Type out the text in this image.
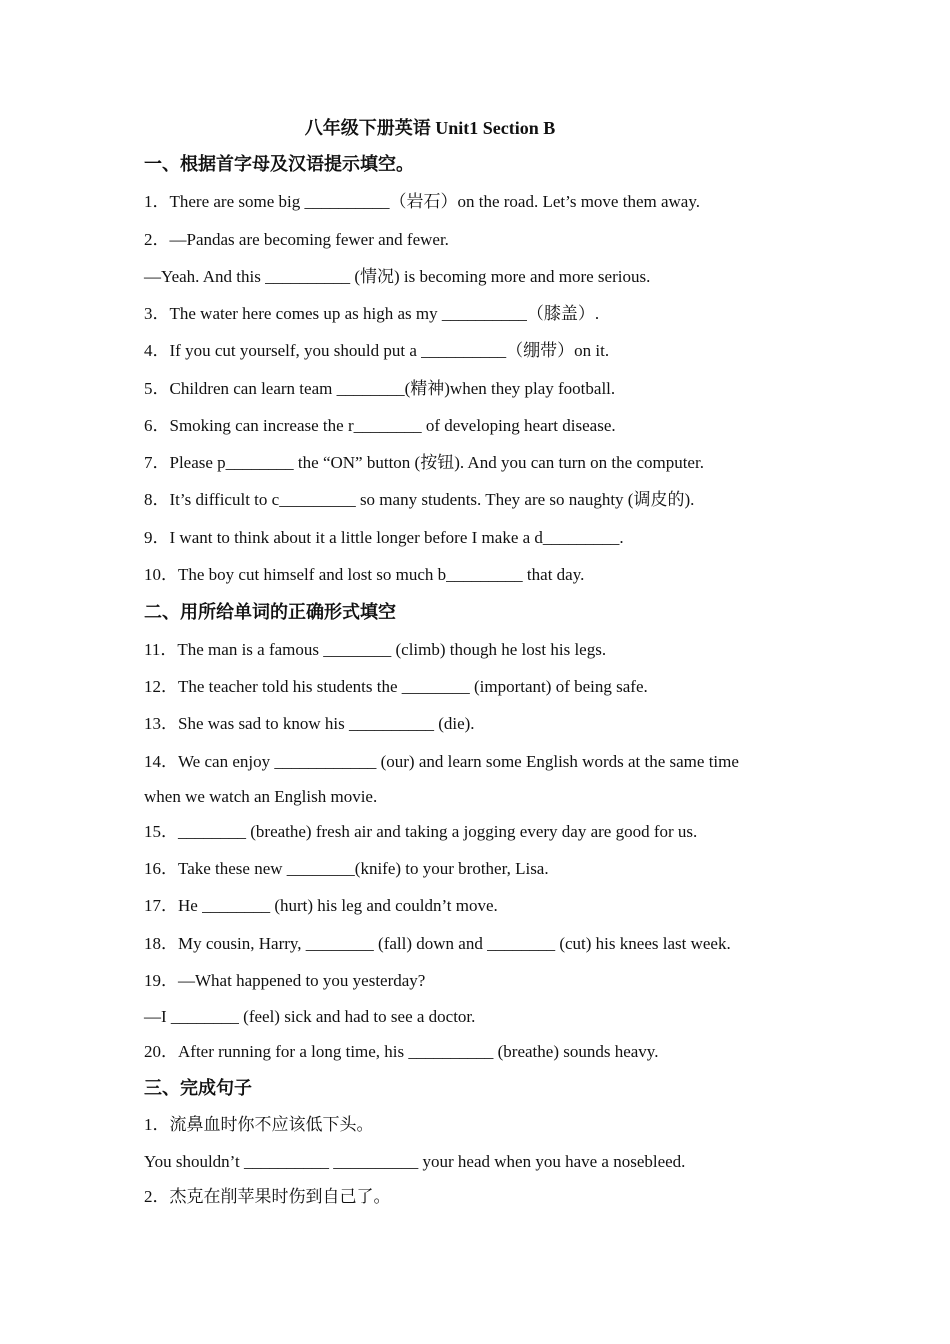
八年级下册英语 Unit1 Section B
一、根据首字母及汉语提示填空。
1．There are some big __________（岩石）on the road. Let’s move them away.
2．—Pandas are becoming fewer and fewer.
—Yeah. And this __________ (情况) is becoming more and more serious.
3．The water here comes up as high as my __________（膝盖）.
4．If you cut yourself, you should put a __________（绷带）on it.
5．Children can learn team ________(精神)when they play football.
6．Smoking can increase the r________ of developing heart disease.
7．Please p________ the “ON” button (按钮). And you can turn on the computer.
8．It’s difficult to c_________ so many students. They are so naughty (调皮的).
9．I want to think about it a little longer before I make a d_________.
10．The boy cut himself and lost so much b_________ that day.
二、用所给单词的正确形式填空
11．The man is a famous ________ (climb) though he lost his legs.
12．The teacher told his students the ________ (important) of being safe.
13．She was sad to know his __________ (die).
14．We can enjoy ____________ (our) and learn some English words at the same time
when we watch an English movie.
15．________ (breathe) fresh air and taking a jogging every day are good for us.
16．Take these new ________(knife) to your brother, Lisa.
17．He ________ (hurt) his leg and couldn’t move.
18．My cousin, Harry, ________ (fall) down and ________ (cut) his knees last week.
19．—What happened to you yesterday?
—I ________ (feel) sick and had to see a doctor.
20．After running for a long time, his __________ (breathe) sounds heavy.
三、完成句子
1．流鼻血时你不应该低下头。
You shouldn’t __________ __________ your head when you have a nosebleed.
2．杰克在削苹果时伤到自己了。
